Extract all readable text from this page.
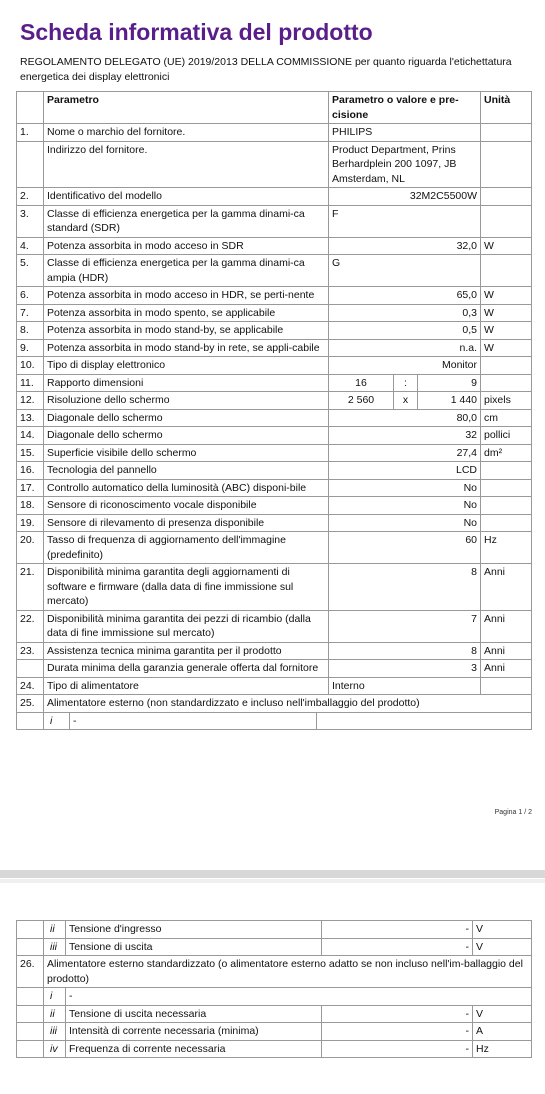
Scheda informativa del prodotto
REGOLAMENTO DELEGATO (UE) 2019/2013 DELLA COMMISSIONE per quanto riguarda l'etichettatura energetica dei display elettronici
	Parametro	Parametro o valore e pre-cisione	Unità
1.	Nome o marchio del fornitore.	PHILIPS	
	Indirizzo del fornitore.	Product Department, Prins Berhardplein 200 1097, JB Amsterdam, NL	
2.	Identificativo del modello	32M2C5500W	
3.	Classe di efficienza energetica per la gamma dinami-ca standard (SDR)	F	
4.	Potenza assorbita in modo acceso in SDR	32,0	W
5.	Classe di efficienza energetica per la gamma dinami-ca ampia (HDR)	G	
6.	Potenza assorbita in modo acceso in HDR, se perti-nente	65,0	W
7.	Potenza assorbita in modo spento, se applicabile	0,3	W
8.	Potenza assorbita in modo stand-by, se applicabile	0,5	W
9.	Potenza assorbita in modo stand-by in rete, se appli-cabile	n.a.	W
10.	Tipo di display elettronico	Monitor	
11.	Rapporto dimensioni	16	:	9	
12.	Risoluzione dello schermo	2 560	x	1 440	pixels
13.	Diagonale dello schermo	80,0	cm
14.	Diagonale dello schermo	32	pollici
15.	Superficie visibile dello schermo	27,4	dm²
16.	Tecnologia del pannello	LCD	
17.	Controllo automatico della luminosità (ABC) disponi-bile	No	
18.	Sensore di riconoscimento vocale disponibile	No	
19.	Sensore di rilevamento di presenza disponibile	No	
20.	Tasso di frequenza di aggiornamento dell'immagine (predefinito)	60	Hz
21.	Disponibilità minima garantita degli aggiornamenti di software e firmware (dalla data di fine immissione sul mercato)	8	Anni
22.	Disponibilità minima garantita dei pezzi di ricambio (dalla data di fine immissione sul mercato)	7	Anni
23.	Assistenza tecnica minima garantita per il prodotto	8	Anni
	Durata minima della garanzia generale offerta dal fornitore	3	Anni
24.	Tipo di alimentatore	Interno	
25.	Alimentatore esterno (non standardizzato e incluso nell'imballaggio del prodotto)

i	-	
Pagina 1 / 2
	ii	Tensione d'ingresso	-	V
	iii	Tensione di uscita	-	V
26.	Alimentatore esterno standardizzato (o alimentatore esterno adatto se non incluso nell'im-ballaggio del prodotto)			
	i	-		
	ii	Tensione di uscita necessaria	-	V
	iii	Intensità di corrente necessaria (minima)	-	A
	iv	Frequenza di corrente necessaria	-	Hz
